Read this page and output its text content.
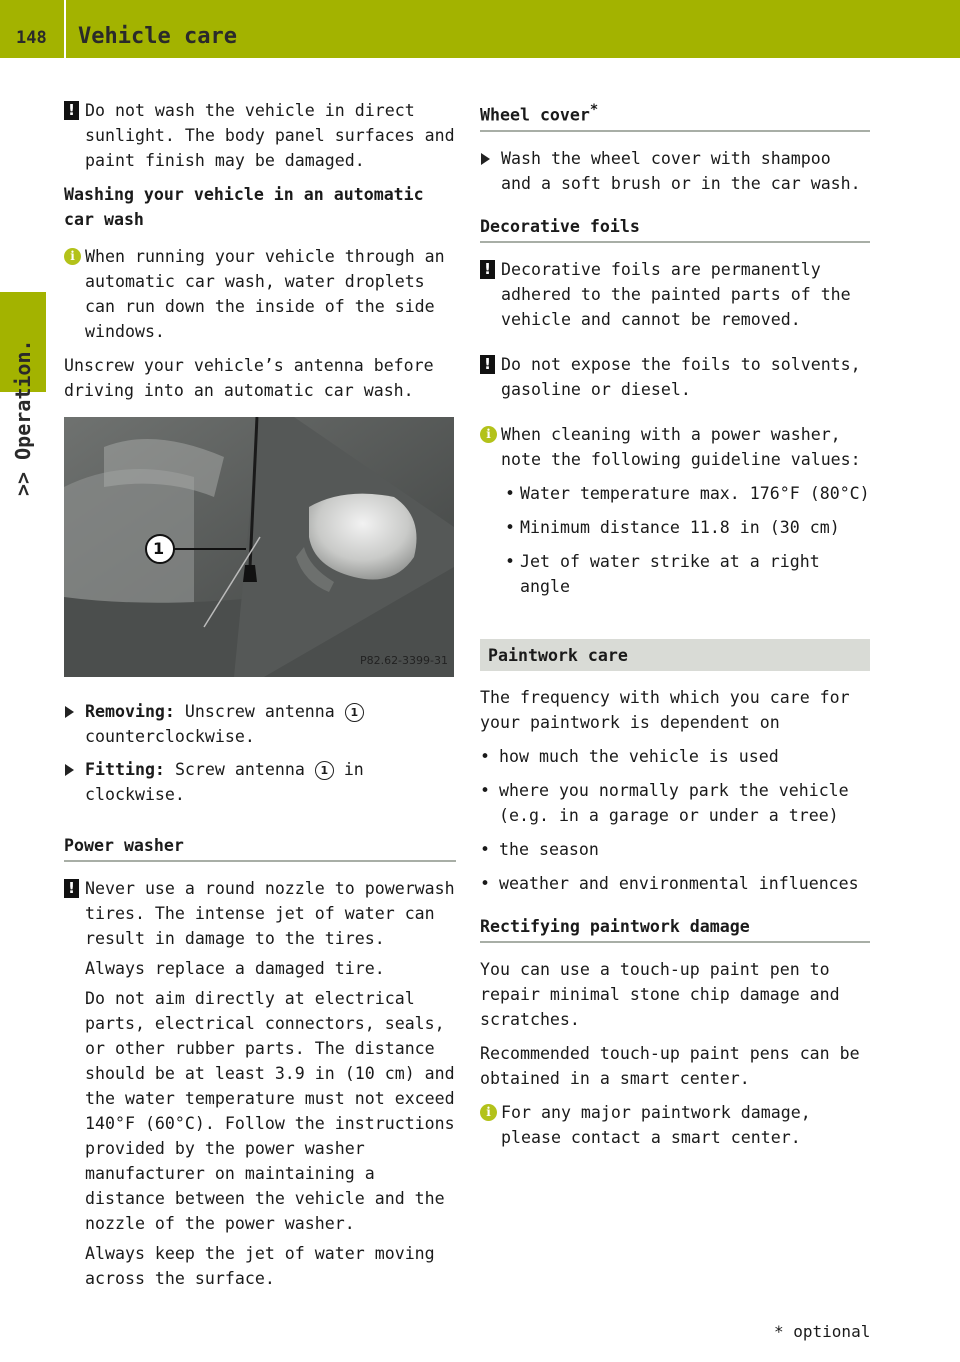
148 Vehicle care
>> Operation.
! Do not wash the vehicle in direct sunlight. The body panel surfaces and paint finish may be damaged.
Washing your vehicle in an automatic car wash
i When running your vehicle through an automatic car wash, water droplets can run down the inside of the side windows.

Unscrew your vehicle’s antenna before driving into an automatic car wash.

1
P82.62-3399-31
Removing: Unscrew antenna 1
counterclockwise.
Fitting: Screw antenna 1 in clockwise.
Power washer
! Never use a round nozzle to powerwash tires. The intense jet of water can result in damage to the tires.

Always replace a damaged tire.

Do not aim directly at electrical parts, electrical connectors, seals, or other rubber parts. The distance should be at least 3.9 in (10 cm) and the water temperature must not exceed 140°F (60°C). Follow the instructions provided by the power washer manufacturer on maintaining a distance between the vehicle and the nozzle of the power washer.

Always keep the jet of water moving across the surface.

Wheel cover*
Wash the wheel cover with shampoo and a soft brush or in the car wash.
Decorative foils
! Decorative foils are permanently adhered to the painted parts of the vehicle and cannot be removed.
! Do not expose the foils to solvents, gasoline or diesel.
i When cleaning with a power washer, note the following guideline values:
• Water temperature max. 176°F (80°C)
• Minimum distance 11.8 in (30 cm)
• Jet of water strike at a right angle
Paintwork care

The frequency with which you care for your paintwork is dependent on

• how much the vehicle is used
• where you normally park the vehicle (e.g. in a garage or under a tree)
• the season
• weather and environmental influences
Rectifying paintwork damage

You can use a touch-up paint pen to repair minimal stone chip damage and scratches.

Recommended touch-up paint pens can be obtained in a smart center.

i For any major paintwork damage, please contact a smart center.
* optional
